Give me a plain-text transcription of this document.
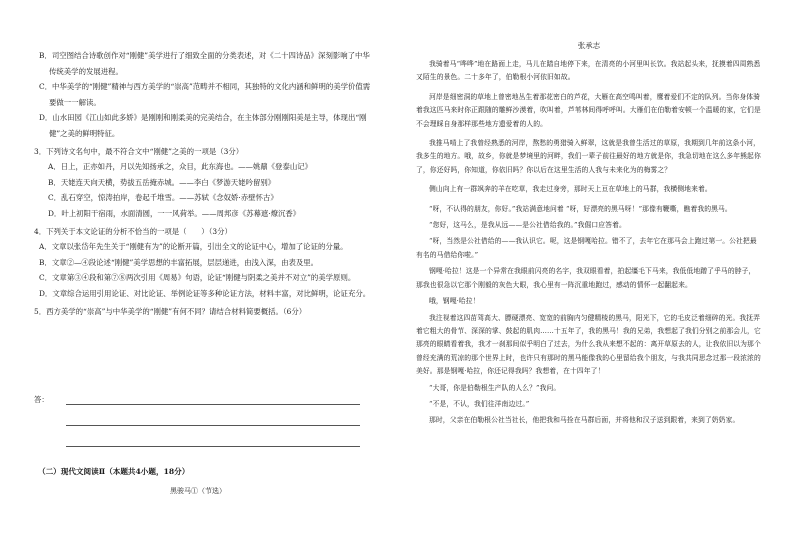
B．司空图结合诗歌创作对“刚健”美学进行了细致全面的分类表述，对《二十四诗品》深刻影响了中华传统美学的发展进程。

C．中华美学的“刚健”精神与西方美学的“崇高”范畴并不相同，其独特的文化内涵和鲜明的美学价值需要做一一解读。

D．山水田园《江山如此多娇》是刚刚和刚柔美的完美结合，在主体部分刚刚阳美是主导，体现出“刚健”之美的鲜明特征。

3．下列诗文名句中，最不符合文中“刚健”之美的一项是（3分）

A．日上，正亦如丹，月以先知扬承之，众目，此东海也。——姚鼐《登泰山记》
B．天姥连天向天横，势拔五岳掩赤城。——李白《梦游天姥吟留别》
C．乱石穿空，惊涛拍岸，卷起千堆雪。——苏轼《念奴娇·赤壁怀古》
D．叶上初阳干宿雨，水面清圆，一一风荷举。——周邦彦《苏幕遮·燎沉香》

4．下列关于本文论证的分析不恰当的一项是（　　）（3分）

A．文章以张岱年先生关于“刚健有为”的论断开篇，引出全文的论证中心，增加了论证的分量。

B．文章②—④段论述“刚健”美学思想的丰富拓展，层层递进，由浅入深，由表及里。

C．文章第③④段和第⑦⑧两次引用《周易》句语，论证“刚健与阴柔之美并不对立”的美学原则。

D．文章综合运用引用论证、对比论证、举例论证等多种论证方法，材料丰富，对比鲜明，论证充分。

5．西方美学的“崇高”与中华美学的“刚健”有何不同？请结合材料简要概括。（6分）

答：
（二）现代文阅读Ⅱ（本题共4小题，18分）
黑骏马①（节选）

张承志

我骑着马“哗哗”地在路面上走，马儿在踏自地停下来，在清亮的小河里叫长饮。我站起头来，抚摸着四周熟悉又陌生的景色。二十多年了，伯勒根小河依旧如故。

河岸是细密洞的草地上曾密地丛生着那花密白的芦花，大雁在高空鸣叫着，鹰着爱们不定的队列。当你身体骑着我这匹马来时你正跟随的雕鲜沙漠着，吹叫着，芦苇林间得呼呼叫。大雁们在伯勒着安顿一个温暖的家，它们是不会理睬自身那样那些地方遗爱着的人的。

我推马啃上了我曾经熟悉的河岸，熬愁的勇猎骑入鲜翠，这就是我曾生活过的草原，我期到几年前这条小河，我多生的地方。哦，故乡，你就是梦境里的河畔，我们一辈子前往最好的地方就是你，我急切地在这么多年熊起你了，你还好吗，你知道，你依旧吗？你以后在这里生活的人我与未来化为的梅雾之？

侧山向上有一群飒奔的羊在吃草，我走过身旁，那时天上亘在草地上的马群，我横侧地来着。

“呀，不认得的朋友，你好。”我站满意地问着 “呀，好漂亮的黑马呀！”那像有鞭嘶，瞧着我的黑马。

“您好，这马么，是我从远——是公社借给我的。”我倔口应答着。

“呀，当然是公社借给的——我认识它。呢，这是钢嘎哈拉。错不了，去年它在那马会上跑过第一。公社把最有名的马借给你啦。”

钢嘎·哈拉！这是一个异常在我眼前闪亮的名字，我双眼看着，拍起缰毛下马来，我低低地蹭了乎马的脖子，那我也很急以它那个刚毅的灰色大眼，我心里有一阵沉重地跑过，感动的情怀一起翻起来。

哦，钢嘎·哈拉！

我注视着这四苗驾高大、膘硬漂亮、宽宽的前胸内匀健精棱的黑马，阳光下，它的毛皮泛着细碎的光。我抚弄着它粗大的骨节、深深的掌、鼓起的肌肉……十五年了，我的黑马！我的兄弟，我想起了我们分别之前那会儿，它那亮的眼睛看着我，我才一刹那间似乎明白了过去，为什么我从来想不起的：离开草原去的人，让我依旧以为那个曾经充满的荒凉的那个世界上时，也许只有那时的黑马能像我的心里留给我个朋友，与我共同思念过那一段浓浓的美好。那是钢嘎·哈拉，你还记得我吗？我想着，在十四年了！

“大哥，你是伯勒根生产队的人么？”我问。

“不是，不认，我们往洋南边过。”

那时，父亲在伯勒根公社当社长，他把我和马拴在马群后面，并将他和汉子送到跟着，来到了奶奶家。
